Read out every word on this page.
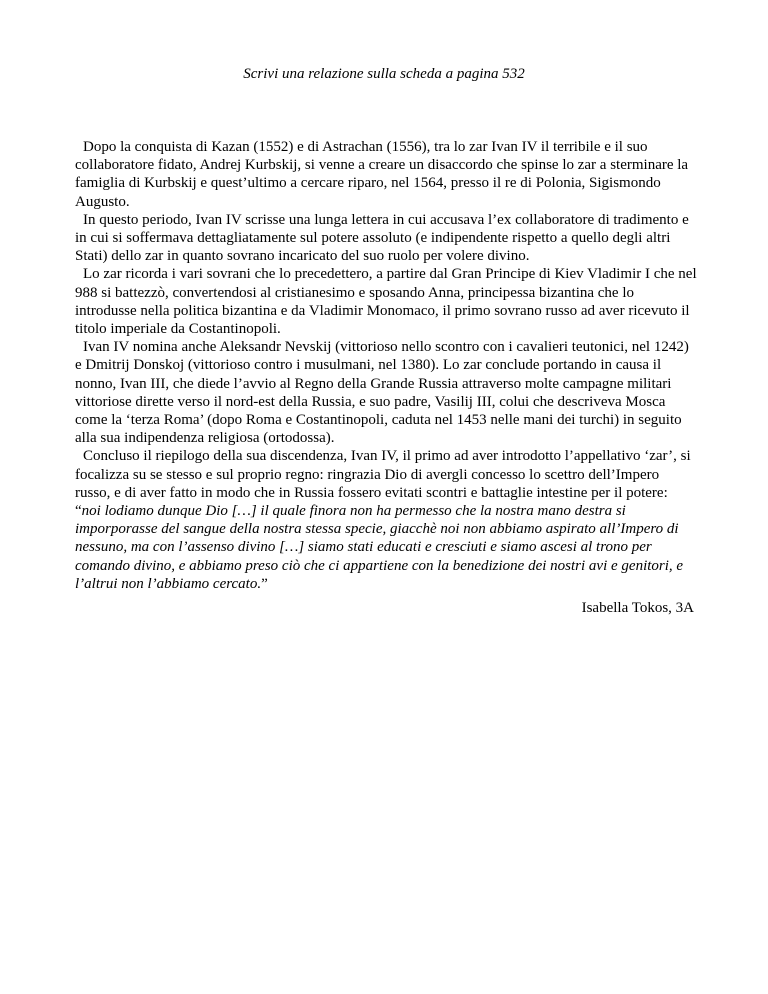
Scrivi una relazione sulla scheda a pagina 532

Dopo la conquista di Kazan (1552) e di Astrachan (1556), tra lo zar Ivan IV il terribile e il suo collaboratore fidato, Andrej Kurbskij, si venne a creare un disaccordo che spinse lo zar a sterminare la famiglia di Kurbskij e quest’ultimo a cercare riparo, nel 1564, presso il re di Polonia, Sigismondo Augusto.

In questo periodo, Ivan IV scrisse una lunga lettera in cui accusava l’ex collaboratore di tradimento e in cui si soffermava dettagliatamente sul potere assoluto (e indipendente rispetto a quello degli altri Stati) dello zar in quanto sovrano incaricato del suo ruolo per volere divino.

Lo zar ricorda i vari sovrani che lo precedettero, a partire dal Gran Principe di Kiev Vladimir I che nel 988 si battezzò, convertendosi al cristianesimo e sposando Anna, principessa bizantina che lo introdusse nella politica bizantina e da Vladimir Monomaco, il primo sovrano russo ad aver ricevuto il titolo imperiale da Costantinopoli.

Ivan IV nomina anche Aleksandr Nevskij (vittorioso nello scontro con i cavalieri teutonici, nel 1242) e Dmitrij Donskoj (vittorioso contro i musulmani, nel 1380). Lo zar conclude portando in causa il nonno, Ivan III, che diede l’avvio al Regno della Grande Russia attraverso molte campagne militari vittoriose dirette verso il nord-est della Russia, e suo padre, Vasilij III, colui che descriveva Mosca come la ‘terza Roma’ (dopo Roma e Costantinopoli, caduta nel 1453 nelle mani dei turchi) in seguito alla sua indipendenza religiosa (ortodossa).

Concluso il riepilogo della sua discendenza, Ivan IV, il primo ad aver introdotto l’appellativo ‘zar’, si focalizza su se stesso e sul proprio regno: ringrazia Dio di avergli concesso lo scettro dell’Impero russo, e di aver fatto in modo che in Russia fossero evitati scontri e battaglie intestine per il potere: “noi lodiamo dunque Dio […] il quale finora non ha permesso che la nostra mano destra si imporporasse del sangue della nostra stessa specie, giacchè noi non abbiamo aspirato all’Impero di nessuno, ma con l’assenso divino […] siamo stati educati e cresciuti e siamo ascesi al trono per comando divino, e abbiamo preso ciò che ci appartiene con la benedizione dei nostri avi e genitori, e l’altrui non l’abbiamo cercato.”

Isabella Tokos, 3A
